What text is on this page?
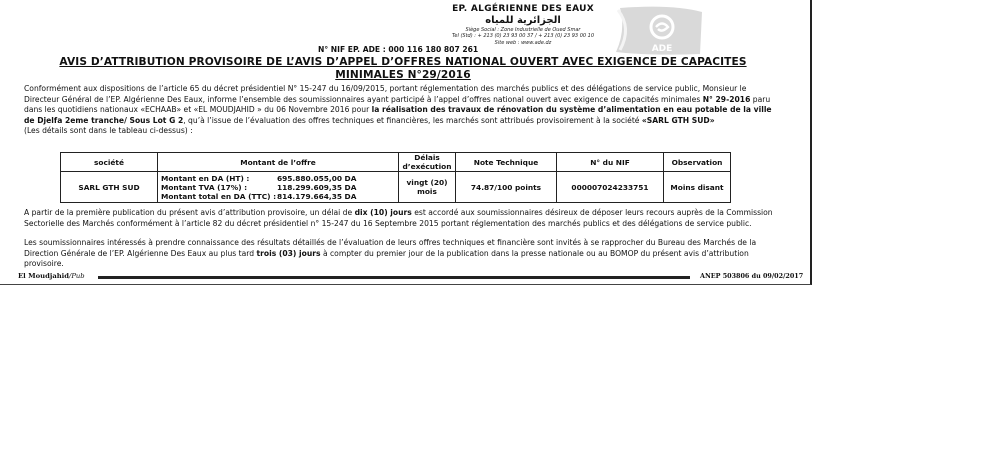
EP. ALGÉRIENNE DES EAUX
الجزائرية للمياه
Siège Social : Zone Industrielle de Oued Smar
Tel (Std) : + 213 (0) 23 93 00 37 / + 213 (0) 23 93 00 10
Site web : www.ade.dz
ADE
N° NIF EP. ADE : 000 116 180 807 261
AVIS D’ATTRIBUTION PROVISOIRE DE L’AVIS D’APPEL D’OFFRES NATIONAL OUVERT AVEC EXIGENCE DE CAPACITES
MINIMALES N°29/2016

Conformément aux dispositions de l’article 65 du décret présidentiel N° 15-247 du 16/09/2015, portant réglementation des marchés publics et des délégations de service public, Monsieur le Directeur Général de l’EP. Algérienne Des Eaux, informe l’ensemble des soumissionnaires ayant participé à l’appel d’offres national ouvert avec exigence de capacités minimales N° 29-2016 paru dans les quotidiens nationaux «ECHAAB» et «EL MOUDJAHID » du 06 Novembre 2016 pour la réalisation des travaux de rénovation du système d’alimentation en eau potable de la ville de Djelfa 2eme tranche/ Sous Lot G 2, qu’à l’issue de l’évaluation des offres techniques et financières, les marchés sont attribués provisoirement à la société «SARL GTH SUD»
(Les détails sont dans le tableau ci-dessus) :

société	Montant de l’offre	Délais d’exécution	Note Technique	N° du NIF	Observation
SARL GTH SUD	Montant en DA (HT) : 695.880.055,00 DA
Montant TVA (17%) : 118.299.609,35 DA
Montant total en DA (TTC) :814.179.664,35 DA	vingt (20) mois	74.87/100 points	000007024233751	Moins disant

A partir de la première publication du présent avis d’attribution provisoire, un délai de dix (10) jours est accordé aux soumissionnaires désireux de déposer leurs recours auprès de la Commission Sectorielle des Marchés conformément à l’article 82 du décret présidentiel n° 15-247 du 16 Septembre 2015 portant réglementation des marchés publics et des délégations de service public.

Les soumissionnaires intéressés à prendre connaissance des résultats détaillés de l’évaluation de leurs offres techniques et financière sont invités à se rapprocher du Bureau des Marchés de la Direction Générale de l’EP. Algérienne Des Eaux au plus tard trois (03) jours à compter du premier jour de la publication dans la presse nationale ou au BOMOP du présent avis d’attribution provisoire.

El Moudjahid/Pub	ANEP 503806 du 09/02/2017
